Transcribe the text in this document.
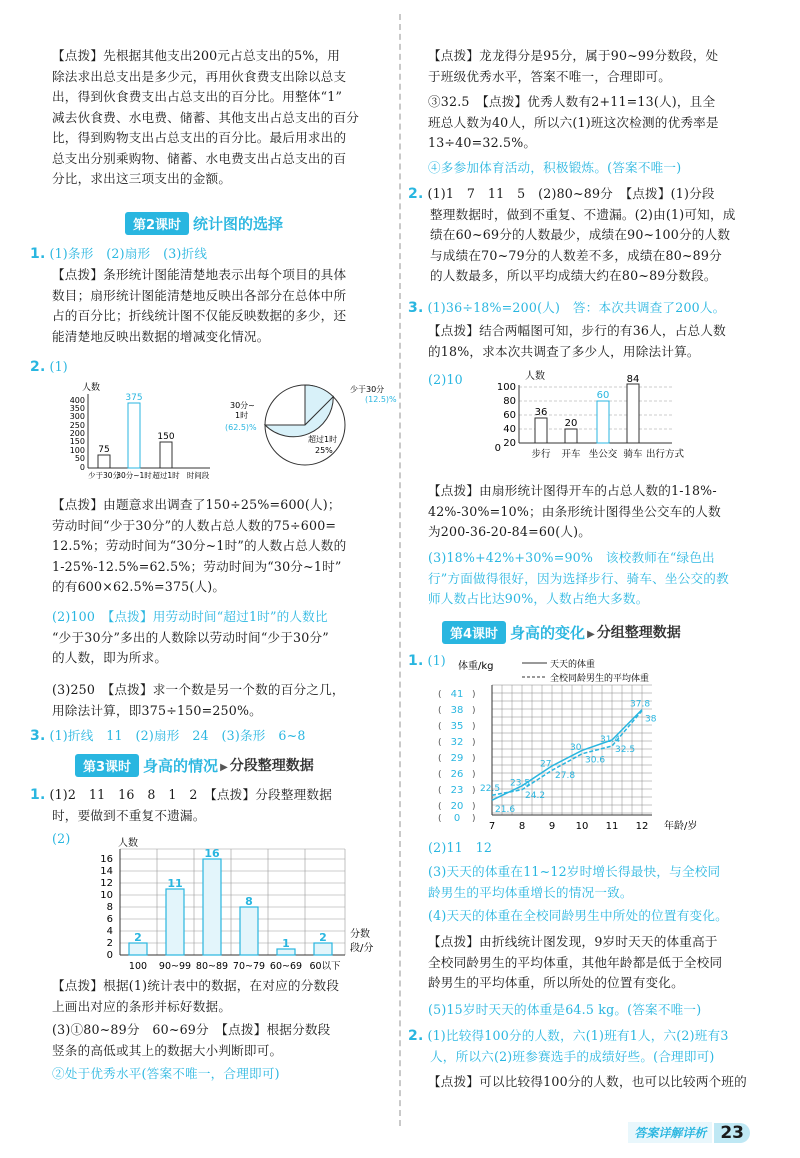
【点拨】先根据其他支出200元占总支出的5%，用
除法求出总支出是多少元，再用伙食费支出除以总支
出，得到伙食费支出占总支出的百分比。用整体“1”
减去伙食费、水电费、储蓄、其他支出占总支出的百分
比，得到购物支出占总支出的百分比。最后用求出的
总支出分别乘购物、储蓄、水电费支出占总支出的百
分比，求出这三项支出的金额。
第2课时 统计图的选择
1. (1)条形　(2)扇形　(3)折线
【点拨】条形统计图能清楚地表示出每个项目的具体
数目；扇形统计图能清楚地反映出各部分在总体中所
占的百分比；折线统计图不仅能反映数据的多少，还
能清楚地反映出数据的增减变化情况。
2. (1)
人数
400
350
300
250
200
150
100
50
0
75
375
150
少于30分
30分~1时 超过1时 时间段
少于30分
(12.5)%
30分~
1时
(62.5)%
超过1时
25%
【点拨】由题意求出调查了150÷25%=600(人)；
劳动时间“少于30分”的人数占总人数的75÷600=
12.5%；劳动时间为“30分~1时”的人数占总人数的
1-25%-12.5%=62.5%；劳动时间为“30分~1时”
的有600×62.5%=375(人)。
(2)100　【点拨】用劳动时间“超过1时”的人数比
“少于30分”多出的人数除以劳动时间“少于30分”
的人数，即为所求。
(3)250　【点拨】求一个数是另一个数的百分之几，
用除法计算，即375÷150=250%。
3. (1)折线　11　(2)扇形　24　(3)条形　6~8
第3课时 身高的情况 ▶ 分段整理数据
1. (1)2　11　16　8　1　2　【点拨】分段整理数据
时，要做到不重复不遗漏。
(2)	人数
16
14
12
10
8
6
4
2
0
2
11
16
8
1	2
100 90~99 80~89 70~79 60~69 60以下
分数
段/分
【点拨】根据(1)统计表中的数据，在对应的分数段
上画出对应的条形并标好数据。
(3)①80~89分　60~69分　【点拨】根据分数段
竖条的高低或其上的数据大小判断即可。
②处于优秀水平(答案不唯一，合理即可)
【点拨】龙龙得分是95分，属于90~99分数段，处
于班级优秀水平，答案不唯一，合理即可。
③32.5　【点拨】优秀人数有2+11=13(人)，且全
班总人数为40人，所以六(1)班这次检测的优秀率是
13÷40=32.5%。
④多参加体育活动，积极锻炼。(答案不唯一)
2. (1)1　7　11　5　(2)80~89分　【点拨】(1)分段
整理数据时，做到不重复、不遗漏。(2)由(1)可知，成
绩在60~69分的人数最少，成绩在90~100分的人数
与成绩在70~79分的人数差不多，成绩在80~89分
的人数最多，所以平均成绩大约在80~89分数段。
3. (1)36÷18%=200(人)　答：本次共调查了200人。
【点拨】结合两幅图可知，步行的有36人，占总人数
的18%，求本次共调查了多少人，用除法计算。
(2)10	人数
100
80
60
40
20
0
36
20
60
84
步行 开车 坐公交 骑车 出行方式
【点拨】由扇形统计图得开车的占总人数的1-18%-
42%-30%=10%；由条形统计图得坐公交车的人数
为200-36-20-84=60(人)。
(3)18%+42%+30%=90%　该校教师在“绿色出
行”方面做得很好，因为选择步行、骑车、坐公交的教
师人数占比达90%，人数占绝大多数。
第4课时 身高的变化 ▶ 分组整理数据
1. (1) 体重/kg	天天的体重
全校同龄男生的平均体重
41
38
35
32
29
26
23
20
0
(	)
(	)
(	)
(	)
(	)
(	)
(	)
(	)
(	)
7 8 9 10 11 12 年龄/岁
21.6
24.2
27.8
30.6
32.5
38
22.5
23.5
27
30
31.4
37.8
(2)11　12
(3)天天的体重在11~12岁时增长得最快，与全校同
龄男生的平均体重增长的情况一致。
(4)天天的体重在全校同龄男生中所处的位置有变化。
【点拨】由折线统计图发现，9岁时天天的体重高于
全校同龄男生的平均体重，其他年龄都是低于全校同
龄男生的平均体重，所以所处的位置有变化。
(5)15岁时天天的体重是64.5 kg。(答案不唯一)
2. (1)比较得100分的人数，六(1)班有1人，六(2)班有3
人，所以六(2)班参赛选手的成绩好些。(合理即可)
【点拨】可以比较得100分的人数，也可以比较两个班的
答案详解详析 23
